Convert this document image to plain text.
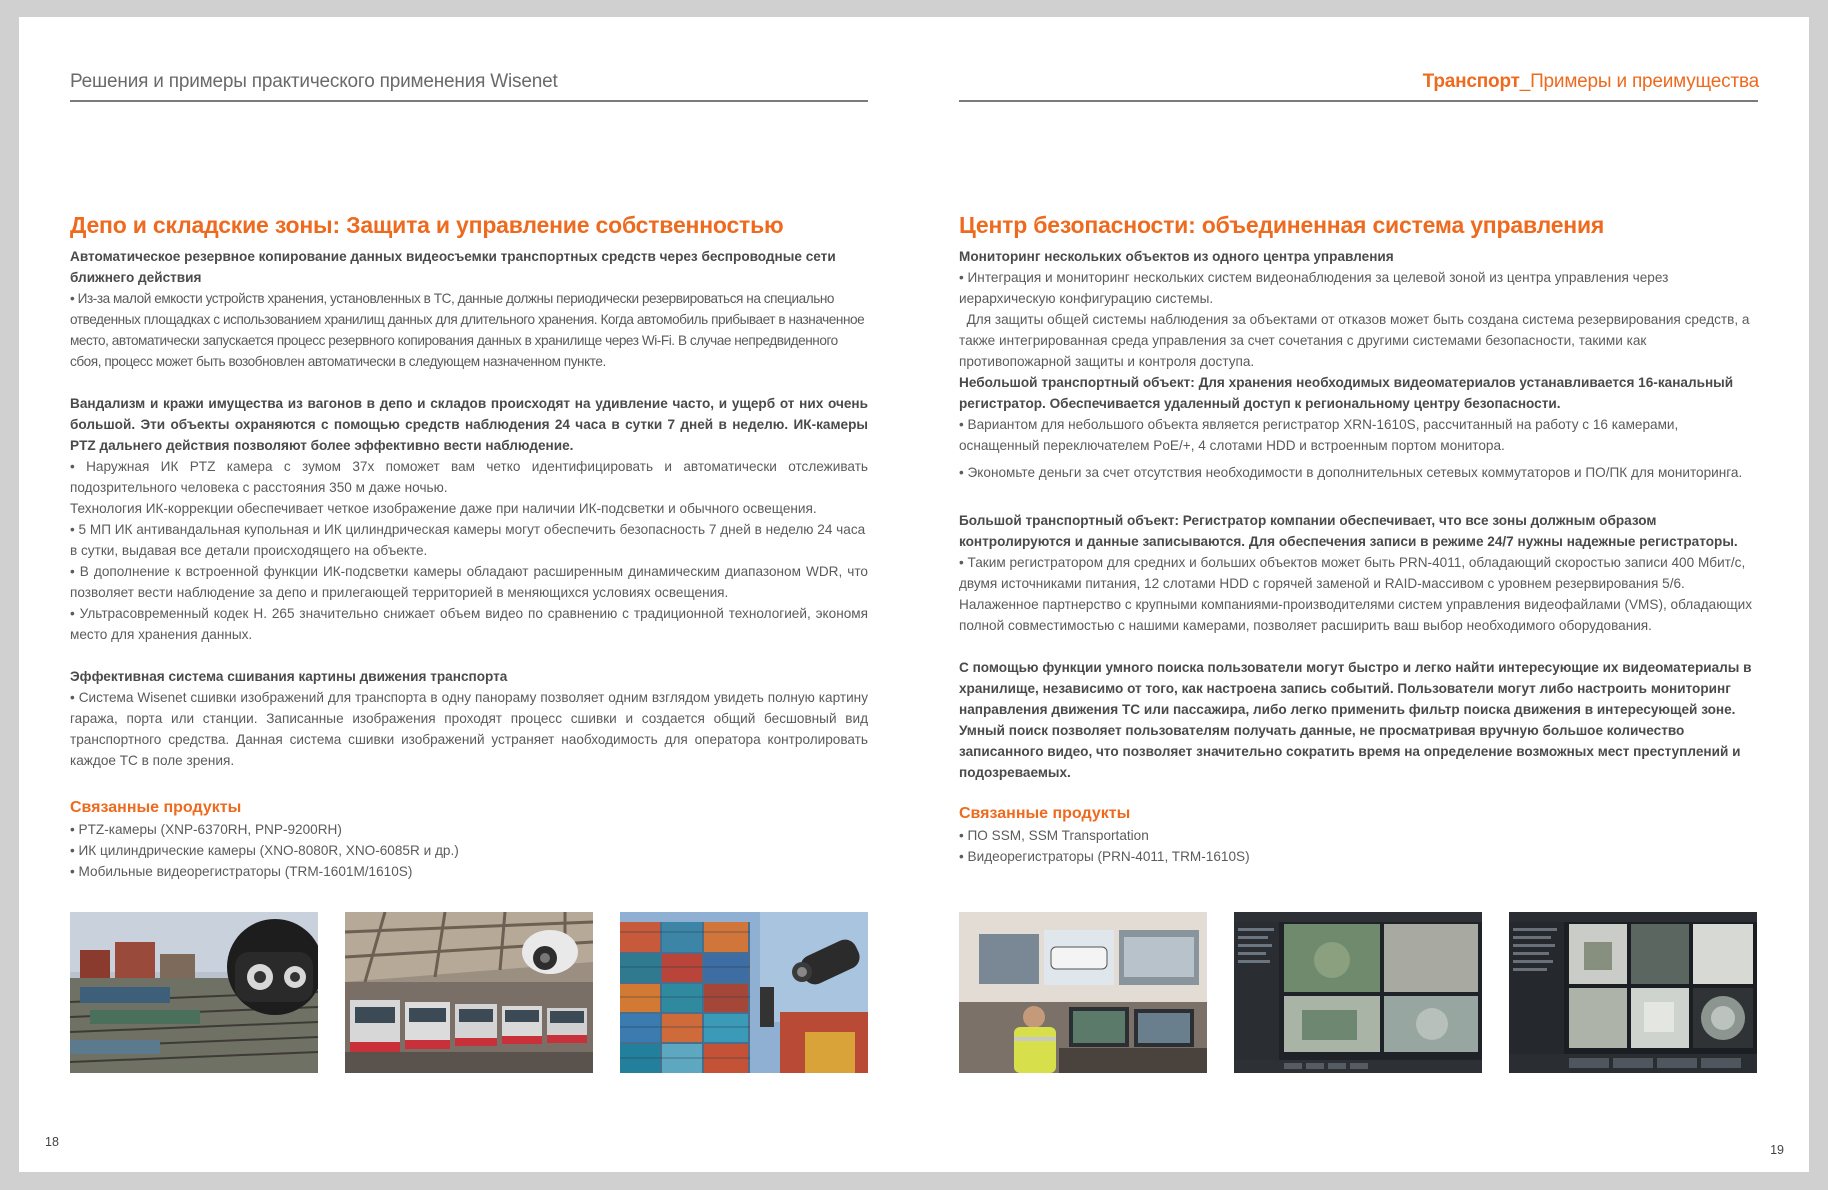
Решения и примеры практического применения Wisenet
Депо и складские зоны: Защита и управление собственностью
Автоматическое резервное копирование данных видеосъемки транспортных средств через беспроводные сети ближнего действия
• Из-за малой емкости устройств хранения, установленных в ТС, данные должны периодически резервироваться на специально отведенных площадках с использованием хранилищ данных для длительного хранения. Когда автомобиль прибывает в назначенное место, автоматически запускается процесс резервного копирования данных в хранилище через Wi-Fi. В случае непредвиденного сбоя, процесс может быть возобновлен автоматически в следующем назначенном пункте.
Вандализм и кражи имущества из вагонов в депо и складов происходят на удивление часто, и ущерб от них очень большой. Эти объекты охраняются с помощью средств наблюдения 24 часа в сутки 7 дней в неделю. ИК-камеры PTZ дальнего действия позволяют более эффективно вести наблюдение.
• Наружная ИК PTZ камера с зумом 37x поможет вам четко идентифицировать и автоматически отслеживать подозрительного человека с расстояния 350 м даже ночью.
Технология ИК-коррекции обеспечивает четкое изображение даже при наличии ИК-подсветки и обычного освещения.
• 5 МП ИК антивандальная купольная и ИК цилиндрическая камеры могут обеспечить безопасность 7 дней в неделю 24 часа в сутки, выдавая все детали происходящего на объекте.
• В дополнение к встроенной функции ИК-подсветки камеры обладают расширенным динамическим диапазоном WDR, что позволяет вести наблюдение за депо и прилегающей территорией в меняющихся условиях освещения.
• Ультрасовременный кодек H. 265 значительно снижает объем видео по сравнению с традиционной технологией, экономя место для хранения данных.
Эффективная система сшивания картины движения транспорта
• Система Wisenet сшивки изображений для транспорта в одну панораму позволяет одним взглядом увидеть полную картину гаража, порта или станции. Записанные изображения проходят процесс сшивки и создается общий бесшовный вид транспортного средства. Данная система сшивки изображений устраняет наобходимость для оператора контролировать каждое ТС в поле зрения.
Связанные продукты
• PTZ-камеры (XNP-6370RH, PNP-9200RH)
• ИК цилиндрические камеры (XNO-8080R, XNO-6085R и др.)
• Мобильные видеорегистраторы (TRM-1601M/1610S)
18
Транспорт_Примеры и преимущества
Центр безопасности: объединенная система управления
Мониторинг нескольких объектов из одного центра управления
• Интеграция и мониторинг нескольких систем видеонаблюдения за целевой зоной из центра управления через иерархическую конфигурацию системы.
Для защиты общей системы наблюдения за объектами от отказов может быть создана система резервирования средств, а также интегрированная среда управления за счет сочетания с другими системами безопасности, такими как противопожарной защиты и контроля доступа.
Небольшой транспортный объект: Для хранения необходимых видеоматериалов устанавливается 16-канальный регистратор. Обеспечивается удаленный доступ к региональному центру безопасности.
• Вариантом для небольшого объекта является регистратор XRN-1610S, рассчитанный на работу с 16 камерами, оснащенный переключателем PoE/+, 4 слотами HDD и встроенным портом монитора.
• Экономьте деньги за счет отсутствия необходимости в дополнительных сетевых коммутаторов и ПО/ПК для мониторинга.
Большой транспортный объект: Регистратор компании обеспечивает, что все зоны должным образом контролируются и данные записываются. Для обеспечения записи в режиме 24/7 нужны надежные регистраторы.
• Таким регистратором для средних и больших объектов может быть PRN-4011, обладающий скоростью записи 400 Мбит/с, двумя источниками питания, 12 слотами HDD с горячей заменой и RAID-массивом с уровнем резервирования 5/6. Налаженное партнерство с крупными компаниями-производителями систем управления видеофайлами (VMS), обладающих полной совместимостью с нашими камерами, позволяет расширить ваш выбор необходимого оборудования.
С помощью функции умного поиска пользователи могут быстро и легко найти интересующие их видеоматериалы в хранилище, независимо от того, как настроена запись событий. Пользователи могут либо настроить мониторинг направления движения ТС или пассажира, либо легко применить фильтр поиска движения в интересующей зоне. Умный поиск позволяет пользователям получать данные, не просматривая вручную большое количество записанного видео, что позволяет значительно сократить время на определение возможных мест преступлений и подозреваемых.
Связанные продукты
• ПО SSM, SSM Transportation
• Видеорегистраторы (PRN-4011, TRM-1610S)
19
